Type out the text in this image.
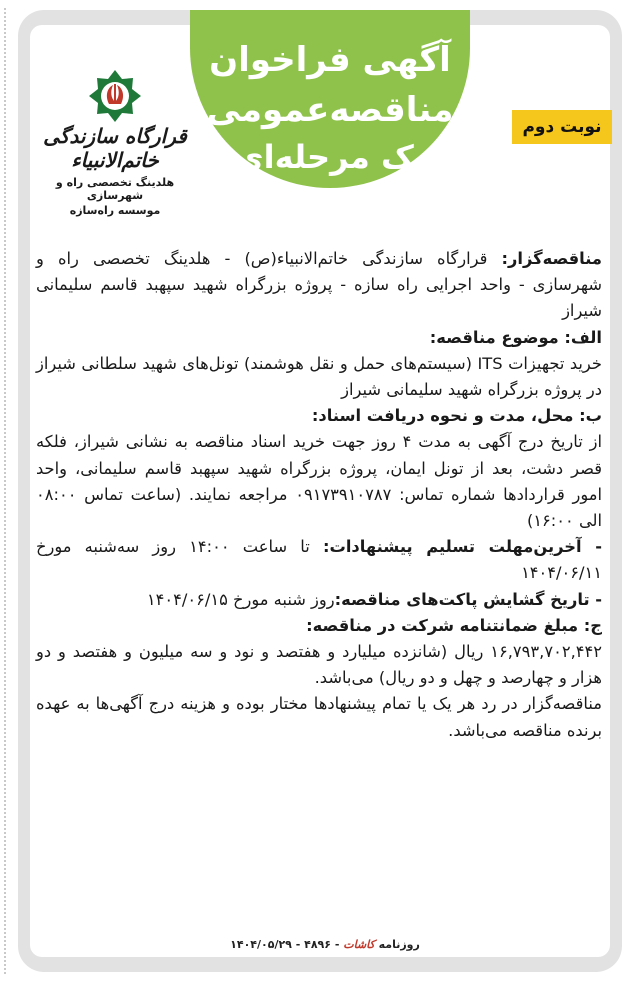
آگهی فراخوان
مناقصه‌عمومی
یک مرحله‌ای
نوبت دوم
قرارگاه سازندگی خاتم‌الانبیاء
هلدینگ تخصصی راه و شهرسازی
موسسه راه‌سازه

مناقصه‌گزار: قرارگاه سازندگی خاتم‌الانبیاء(ص) - هلدینگ تخصصی راه و شهرسازی - واحد اجرایی راه سازه - پروژه بزرگراه شهید سپهبد قاسم سلیمانی شیراز

الف: موضوع مناقصه:

خرید تجهیزات ITS (سیستم‌های حمل و نقل هوشمند) تونل‌های شهید سلطانی شیراز در پروژه بزرگراه شهید سلیمانی شیراز

ب: محل، مدت و نحوه دریافت اسناد:

از تاریخ درج آگهی به مدت ۴ روز جهت خرید اسناد مناقصه به نشانی شیراز، فلکه قصر دشت، بعد از تونل ایمان، پروژه بزرگراه شهید سپهبد قاسم سلیمانی، واحد امور قراردادها شماره تماس: ۰۹۱۷۳۹۱۰۷۸۷ مراجعه نمایند. (ساعت تماس ۰۸:۰۰ الی ۱۶:۰۰)

- آخرین‌مهلت تسلیم پیشنهادات: تا ساعت ۱۴:۰۰ روز سه‌شنبه مورخ ۱۴۰۴/۰۶/۱۱

- تاریخ گشایش پاکت‌های مناقصه:روز شنبه مورخ ۱۴۰۴/۰۶/۱۵

ج: مبلغ ضمانتنامه شرکت در مناقصه:

۱۶,۷۹۳,۷۰۲,۴۴۲ ریال (شانزده میلیارد و هفتصد و نود و سه میلیون و هفتصد و دو هزار و چهارصد و چهل و دو ریال) می‌باشد.

مناقصه‌گزار در رد هر یک یا تمام پیشنهادها مختار بوده و هزینه درج آگهی‌ها به عهده برنده مناقصه می‌باشد.

روزنامه کاشات - ۴۸۹۶ - ۱۴۰۴/۰۵/۲۹
